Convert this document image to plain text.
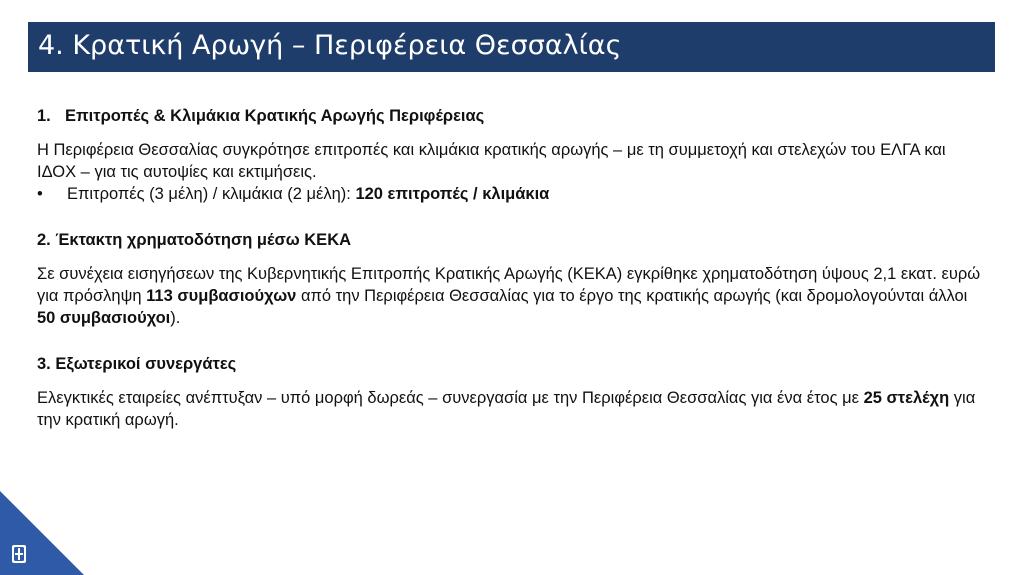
4. Κρατική Αρωγή – Περιφέρεια Θεσσαλίας

1. Επιτροπές & Κλιμάκια Κρατικής Αρωγής Περιφέρειας

Η Περιφέρεια Θεσσαλίας συγκρότησε επιτροπές και κλιμάκια κρατικής αρωγής – με τη συμμετοχή και στελεχών του ΕΛΓΑ και ΙΔΟΧ – για τις αυτοψίες και εκτιμήσεις.

•	Επιτροπές (3 μέλη) / κλιμάκια (2 μέλη): 120 επιτροπές / κλιμάκια

2. Έκτακτη χρηματοδότηση μέσω ΚΕΚΑ

Σε συνέχεια εισηγήσεων της Κυβερνητικής Επιτροπής Κρατικής Αρωγής (ΚΕΚΑ) εγκρίθηκε χρηματοδότηση ύψους 2,1 εκατ. ευρώ για πρόσληψη 113 συμβασιούχων από την Περιφέρεια Θεσσαλίας για το έργο της κρατικής αρωγής (και δρομολογούνται άλλοι 50 συμβασιούχοι).

3. Εξωτερικοί συνεργάτες

Ελεγκτικές εταιρείες ανέπτυξαν – υπό μορφή δωρεάς – συνεργασία με την Περιφέρεια Θεσσαλίας για ένα έτος με 25 στελέχη για την κρατική αρωγή.
